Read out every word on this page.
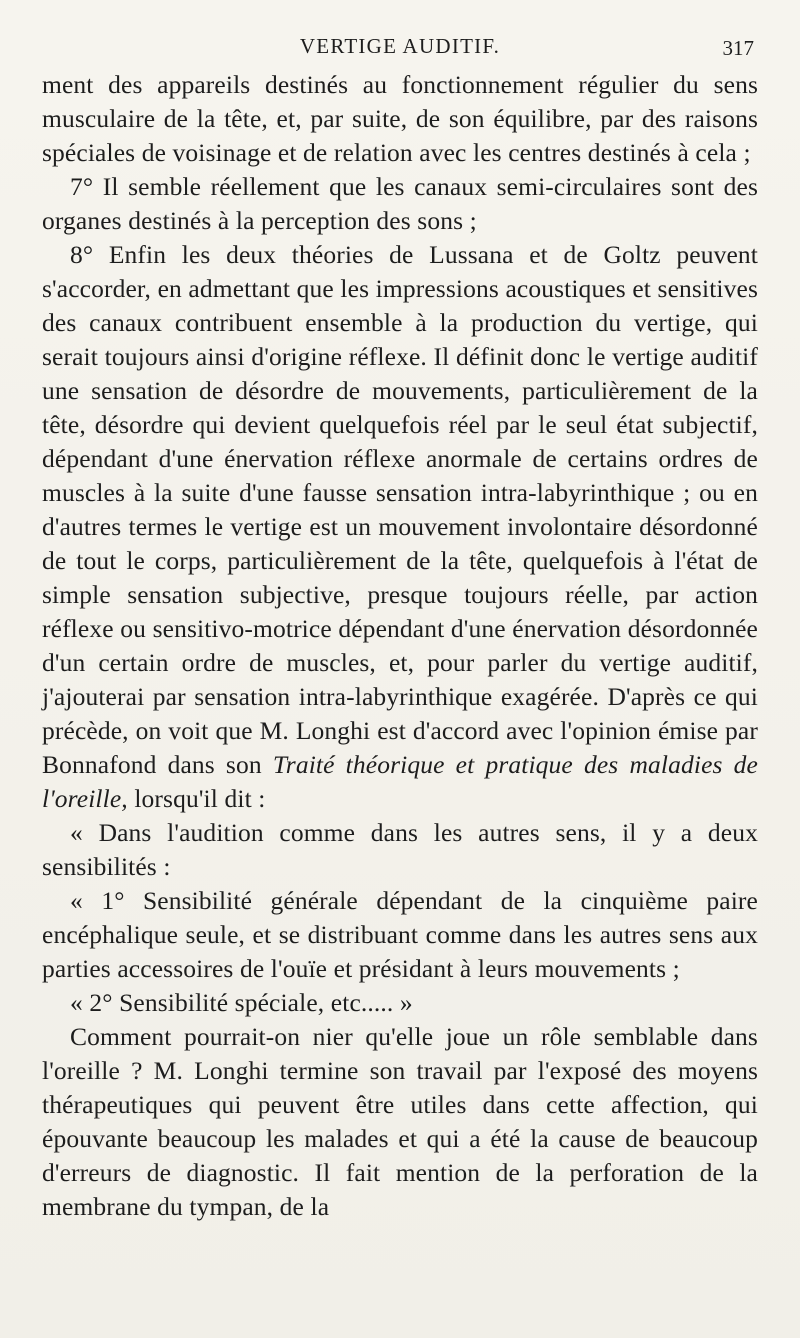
VERTIGE AUDITIF.	317

ment des appareils destinés au fonctionnement régulier du sens musculaire de la tête, et, par suite, de son équilibre, par des raisons spéciales de voisinage et de relation avec les centres destinés à cela ;

7° Il semble réellement que les canaux semi-circulaires sont des organes destinés à la perception des sons ;

8° Enfin les deux théories de Lussana et de Goltz peuvent s'accorder, en admettant que les impressions acoustiques et sensitives des canaux contribuent ensemble à la production du vertige, qui serait toujours ainsi d'origine réflexe. Il définit donc le vertige auditif une sensation de désordre de mouvements, particulièrement de la tête, désordre qui devient quelquefois réel par le seul état subjectif, dépendant d'une énervation réflexe anormale de certains ordres de muscles à la suite d'une fausse sensation intra-labyrinthique ; ou en d'autres termes le vertige est un mouvement involontaire désordonné de tout le corps, particulièrement de la tête, quelquefois à l'état de simple sensation subjective, presque toujours réelle, par action réflexe ou sensitivo-motrice dépendant d'une énervation désordonnée d'un certain ordre de muscles, et, pour parler du vertige auditif, j'ajouterai par sensation intra-labyrinthique exagérée. D'après ce qui précède, on voit que M. Longhi est d'accord avec l'opinion émise par Bonnafond dans son Traité théorique et pratique des maladies de l'oreille, lorsqu'il dit :

« Dans l'audition comme dans les autres sens, il y a deux sensibilités :

« 1° Sensibilité générale dépendant de la cinquième paire encéphalique seule, et se distribuant comme dans les autres sens aux parties accessoires de l'ouïe et présidant à leurs mouvements ;

« 2° Sensibilité spéciale, etc..... »

Comment pourrait-on nier qu'elle joue un rôle semblable dans l'oreille ? M. Longhi termine son travail par l'exposé des moyens thérapeutiques qui peuvent être utiles dans cette affection, qui épouvante beaucoup les malades et qui a été la cause de beaucoup d'erreurs de diagnostic. Il fait mention de la perforation de la membrane du tympan, de la
